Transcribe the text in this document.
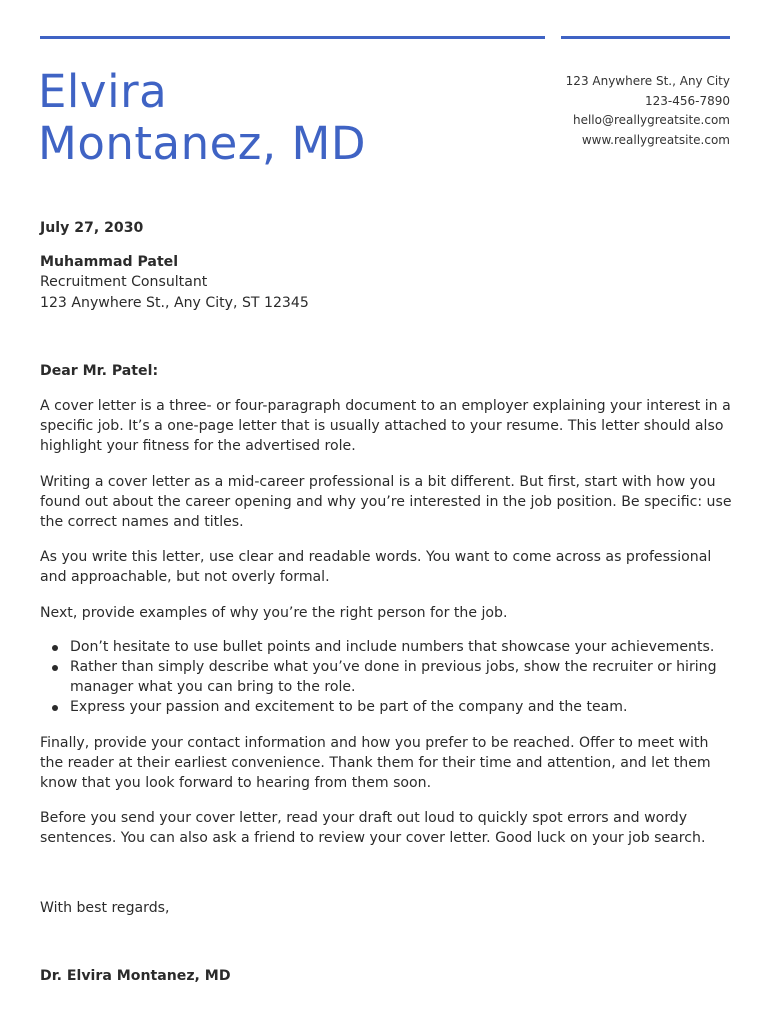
Elvira
Montanez, MD
123 Anywhere St., Any City
123-456-7890
hello@reallygreatsite.com
www.reallygreatsite.com

July 27, 2030

Muhammad Patel
Recruitment Consultant
123 Anywhere St., Any City, ST 12345

Dear Mr. Patel:

A cover letter is a three- or four-paragraph document to an employer explaining your interest in a specific job. It’s a one-page letter that is usually attached to your resume. This letter should also highlight your fitness for the advertised role.

Writing a cover letter as a mid-career professional is a bit different. But first, start with how you found out about the career opening and why you’re interested in the job position. Be specific: use the correct names and titles.

As you write this letter, use clear and readable words. You want to come across as professional and approachable, but not overly formal.

Next, provide examples of why you’re the right person for the job.

Don’t hesitate to use bullet points and include numbers that showcase your achievements.
Rather than simply describe what you’ve done in previous jobs, show the recruiter or hiring manager what you can bring to the role.
Express your passion and excitement to be part of the company and the team.

Finally, provide your contact information and how you prefer to be reached. Offer to meet with the reader at their earliest convenience. Thank them for their time and attention, and let them know that you look forward to hearing from them soon.

Before you send your cover letter, read your draft out loud to quickly spot errors and wordy sentences. You can also ask a friend to review your cover letter. Good luck on your job search.

With best regards,

Dr. Elvira Montanez, MD
